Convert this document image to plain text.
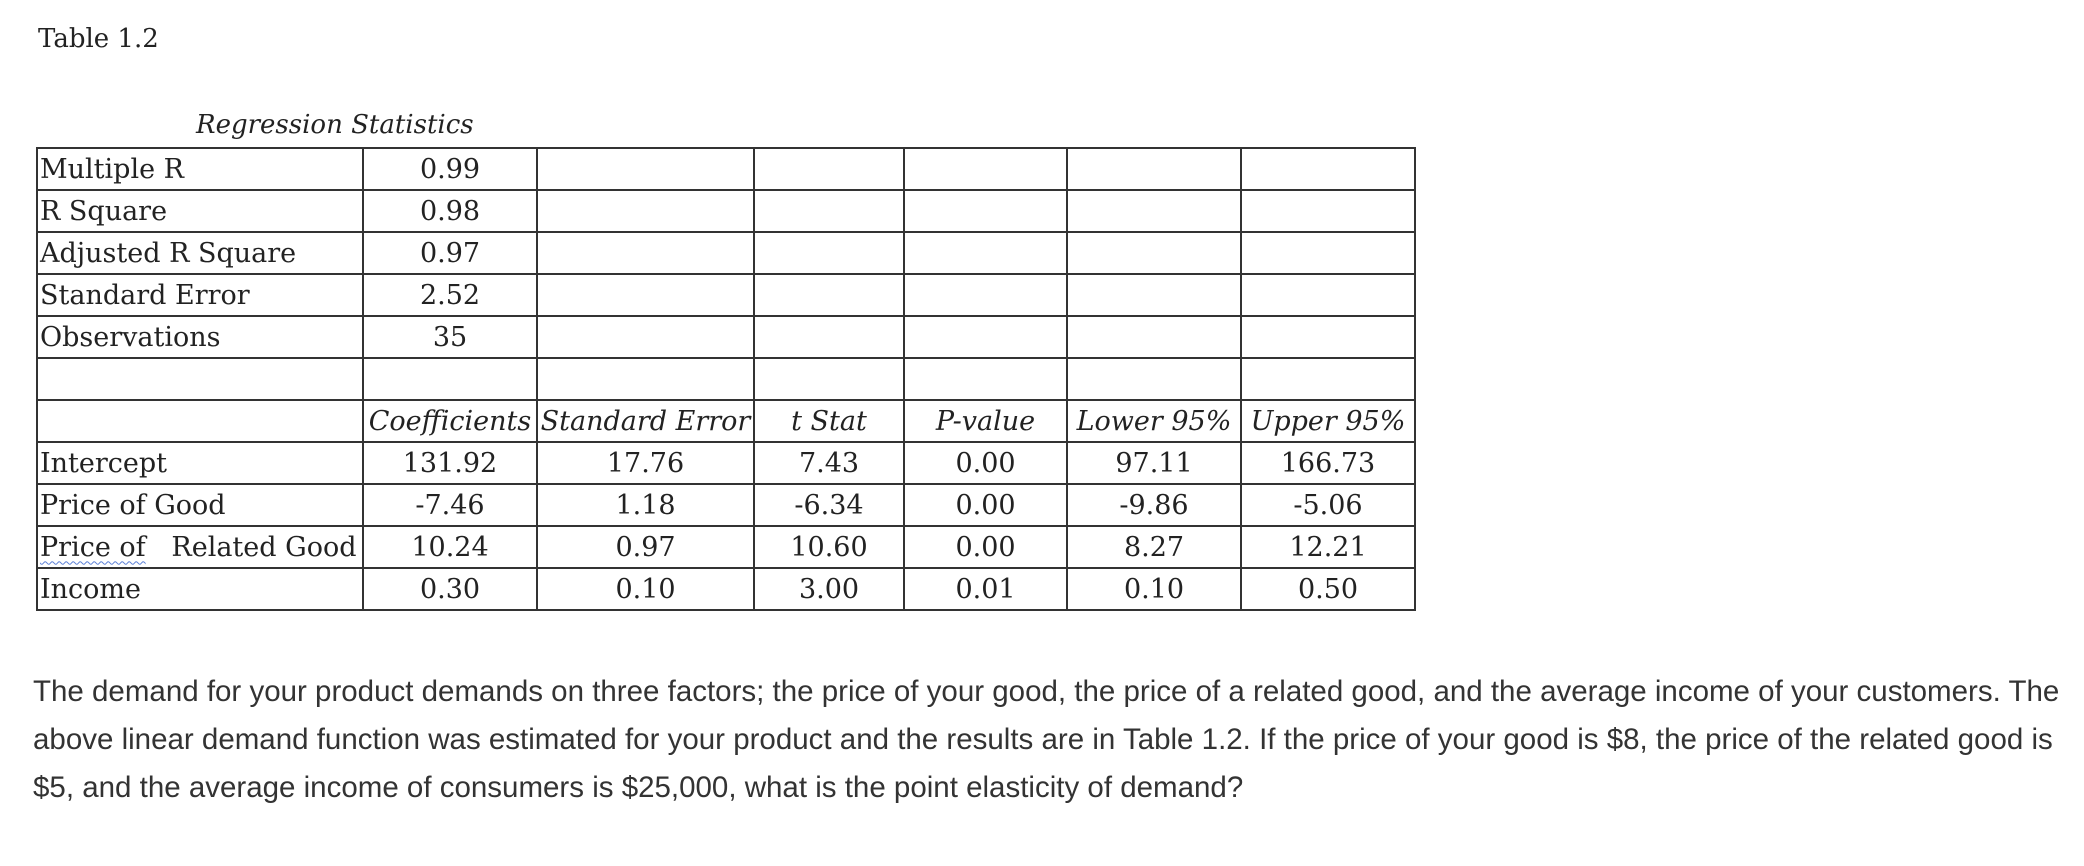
Table 1.2
Regression Statistics
Multiple R	0.99					
R Square	0.98					
Adjusted R Square	0.97					
Standard Error	2.52					
Observations	35					

	Coefficients	Standard Error	t Stat	P-value	Lower 95%	Upper 95%
Intercept	131.92	17.76	7.43	0.00	97.11	166.73
Price of Good	-7.46	1.18	-6.34	0.00	-9.86	-5.06
Price of Related Good	10.24	0.97	10.60	0.00	8.27	12.21
Income	0.30	0.10	3.00	0.01	0.10	0.50
The demand for your product demands on three factors; the price of your good, the price of a related good, and the average income of your customers. The above linear demand function was estimated for your product and the results are in Table 1.2. If the price of your good is $8, the price of the related good is $5, and the average income of consumers is $25,000, what is the point elasticity of demand?
